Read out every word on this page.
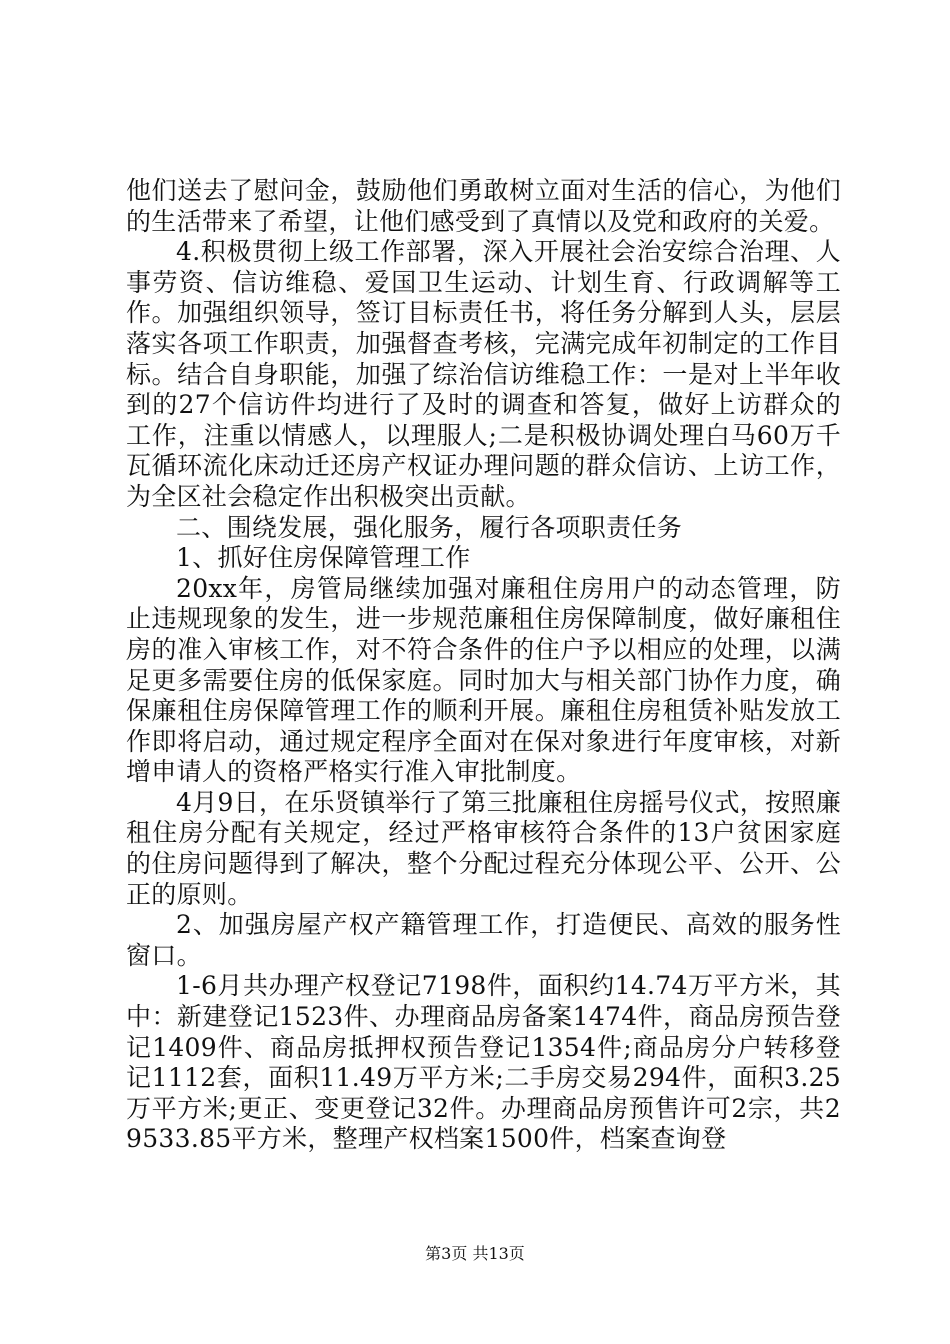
他们送去了慰问金，鼓励他们勇敢树立面对生活的信心，为他们的生活带来了希望，让他们感受到了真情以及党和政府的关爱。

4.积极贯彻上级工作部署，深入开展社会治安综合治理、人事劳资、信访维稳、爱国卫生运动、计划生育、行政调解等工作。加强组织领导，签订目标责任书，将任务分解到人头，层层落实各项工作职责，加强督查考核，完满完成年初制定的工作目标。结合自身职能，加强了综治信访维稳工作：一是对上半年收到的27个信访件均进行了及时的调查和答复，做好上访群众的工作，注重以情感人，以理服人;二是积极协调处理白马60万千瓦循环流化床动迁还房产权证办理问题的群众信访、上访工作，为全区社会稳定作出积极突出贡献。

二、围绕发展，强化服务，履行各项职责任务

1、抓好住房保障管理工作

20xx年，房管局继续加强对廉租住房用户的动态管理，防止违规现象的发生，进一步规范廉租住房保障制度，做好廉租住房的准入审核工作，对不符合条件的住户予以相应的处理，以满足更多需要住房的低保家庭。同时加大与相关部门协作力度，确保廉租住房保障管理工作的顺利开展。廉租住房租赁补贴发放工作即将启动，通过规定程序全面对在保对象进行年度审核，对新增申请人的资格严格实行准入审批制度。

4月9日，在乐贤镇举行了第三批廉租住房摇号仪式，按照廉租住房分配有关规定，经过严格审核符合条件的13户贫困家庭的住房问题得到了解决，整个分配过程充分体现公平、公开、公正的原则。

2、加强房屋产权产籍管理工作，打造便民、高效的服务性窗口。

1-6月共办理产权登记7198件，面积约14.74万平方米，其中：新建登记1523件、办理商品房备案1474件，商品房预告登记1409件、商品房抵押权预告登记1354件;商品房分户转移登记1112套，面积11.49万平方米;二手房交易294件，面积3.25万平方米;更正、变更登记32件。办理商品房预售许可2宗，共29533.85平方米，整理产权档案1500件，档案查询登

第3页 共13页
